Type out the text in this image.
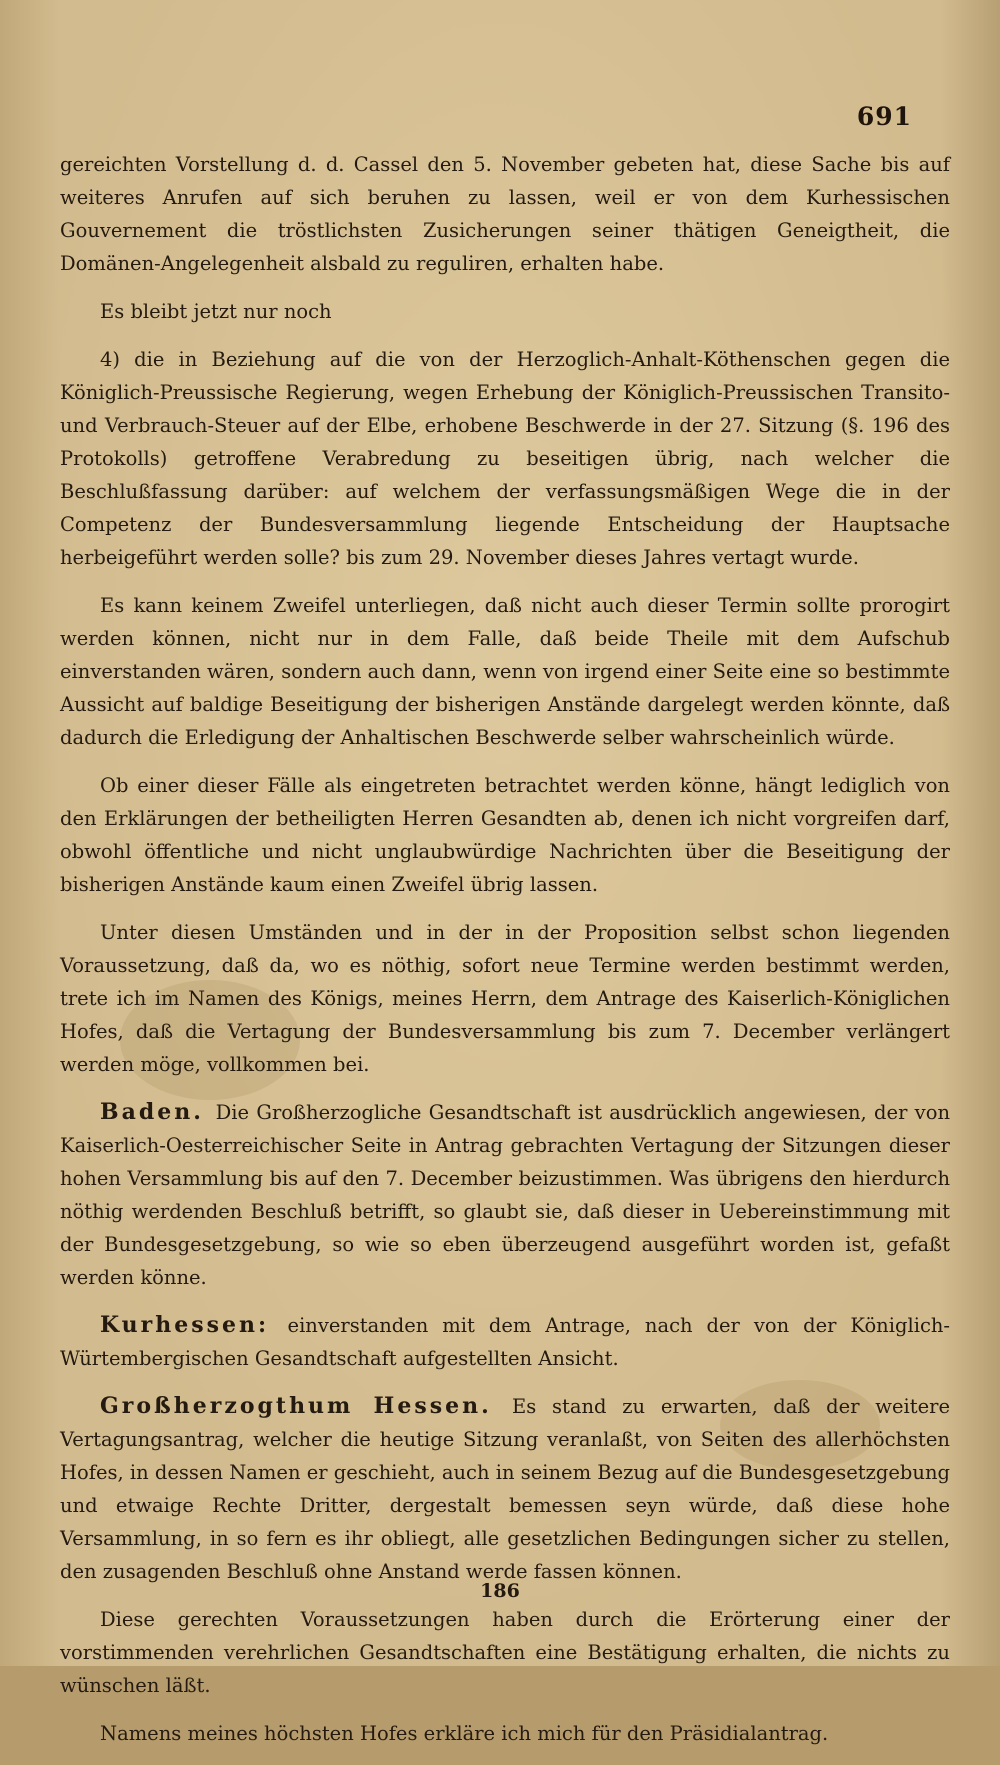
691

gereichten Vorstellung d. d. Cassel den 5. November gebeten hat, diese Sache bis auf weiteres Anrufen auf sich beruhen zu lassen, weil er von dem Kurhessischen Gouvernement die tröstlichsten Zusicherungen seiner thätigen Geneigtheit, die Domänen-Angelegenheit alsbald zu reguliren, erhalten habe.

Es bleibt jetzt nur noch

4) die in Beziehung auf die von der Herzoglich-Anhalt-Köthenschen gegen die Königlich-Preussische Regierung, wegen Erhebung der Königlich-Preussischen Transito- und Verbrauch-Steuer auf der Elbe, erhobene Beschwerde in der 27. Sitzung (§. 196 des Protokolls) getroffene Verabredung zu beseitigen übrig, nach welcher die Beschlußfassung darüber: auf welchem der verfassungsmäßigen Wege die in der Competenz der Bundesversammlung liegende Entscheidung der Hauptsache herbeigeführt werden solle? bis zum 29. November dieses Jahres vertagt wurde.

Es kann keinem Zweifel unterliegen, daß nicht auch dieser Termin sollte prorogirt werden können, nicht nur in dem Falle, daß beide Theile mit dem Aufschub einverstanden wären, sondern auch dann, wenn von irgend einer Seite eine so bestimmte Aussicht auf baldige Beseitigung der bisherigen Anstände dargelegt werden könnte, daß dadurch die Erledigung der Anhaltischen Beschwerde selber wahrscheinlich würde.

Ob einer dieser Fälle als eingetreten betrachtet werden könne, hängt lediglich von den Erklärungen der betheiligten Herren Gesandten ab, denen ich nicht vorgreifen darf, obwohl öffentliche und nicht unglaubwürdige Nachrichten über die Beseitigung der bisherigen Anstände kaum einen Zweifel übrig lassen.

Unter diesen Umständen und in der in der Proposition selbst schon liegenden Voraussetzung, daß da, wo es nöthig, sofort neue Termine werden bestimmt werden, trete ich im Namen des Königs, meines Herrn, dem Antrage des Kaiserlich-Königlichen Hofes, daß die Vertagung der Bundesversammlung bis zum 7. December verlängert werden möge, vollkommen bei.

Baden. Die Großherzogliche Gesandtschaft ist ausdrücklich angewiesen, der von Kaiserlich-Oesterreichischer Seite in Antrag gebrachten Vertagung der Sitzungen dieser hohen Versammlung bis auf den 7. December beizustimmen. Was übrigens den hierdurch nöthig werdenden Beschluß betrifft, so glaubt sie, daß dieser in Uebereinstimmung mit der Bundesgesetzgebung, so wie so eben überzeugend ausgeführt worden ist, gefaßt werden könne.

Kurhessen: einverstanden mit dem Antrage, nach der von der Königlich-Würtembergischen Gesandtschaft aufgestellten Ansicht.

Großherzogthum Hessen. Es stand zu erwarten, daß der weitere Vertagungsantrag, welcher die heutige Sitzung veranlaßt, von Seiten des allerhöchsten Hofes, in dessen Namen er geschieht, auch in seinem Bezug auf die Bundesgesetzgebung und etwaige Rechte Dritter, dergestalt bemessen seyn würde, daß diese hohe Versammlung, in so fern es ihr obliegt, alle gesetzlichen Bedingungen sicher zu stellen, den zusagenden Beschluß ohne Anstand werde fassen können.

Diese gerechten Voraussetzungen haben durch die Erörterung einer der vorstimmenden verehrlichen Gesandtschaften eine Bestätigung erhalten, die nichts zu wünschen läßt.

Namens meines höchsten Hofes erkläre ich mich für den Präsidialantrag.

186
